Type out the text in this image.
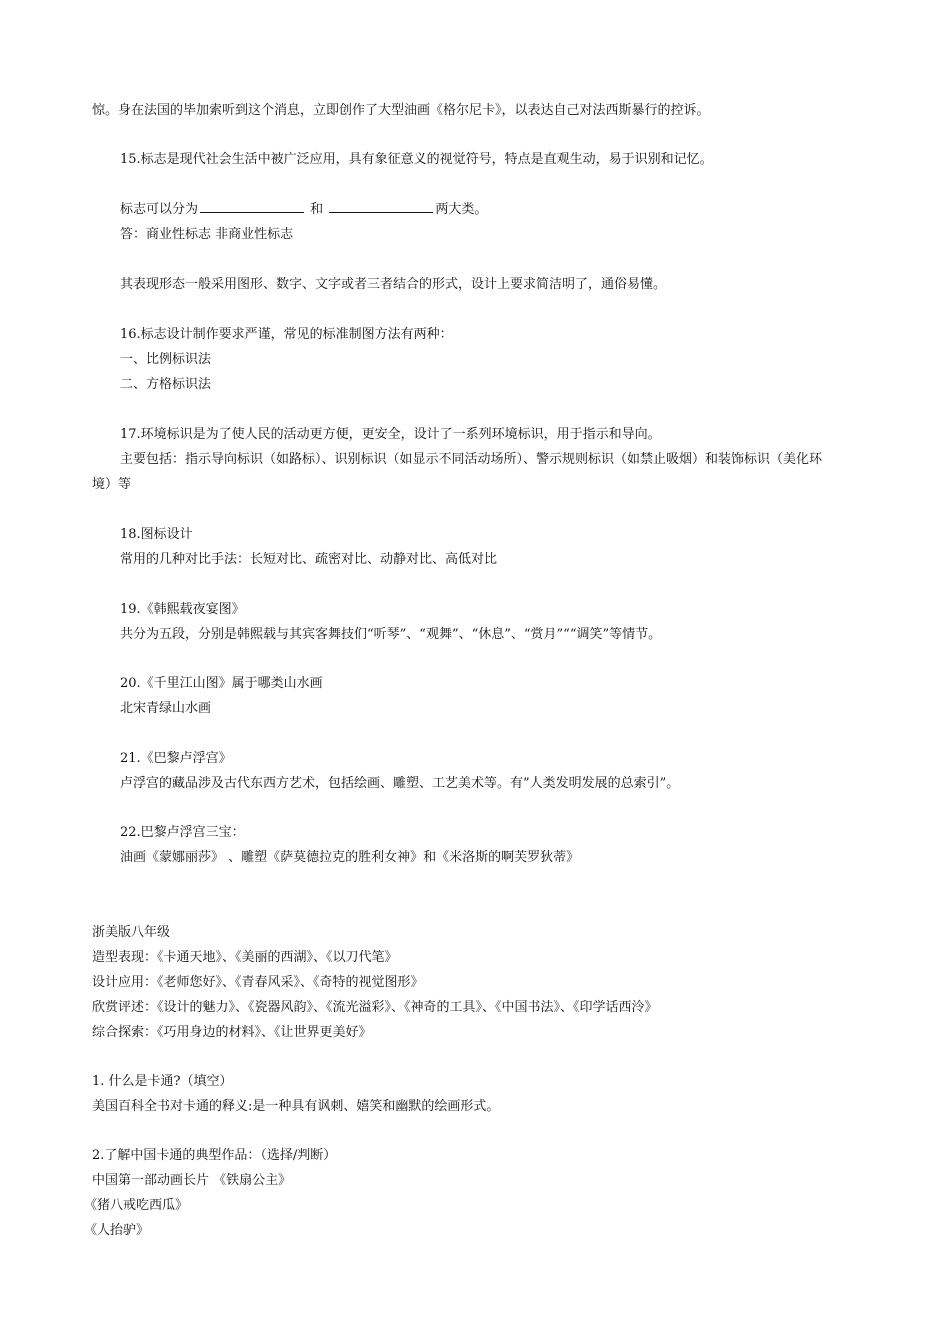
惊。身在法国的毕加索听到这个消息，立即创作了大型油画《格尔尼卡》，以表达自己对法西斯暴行的控诉。

15.标志是现代社会生活中被广泛应用，具有象征意义的视觉符号，特点是直观生动，易于识别和记忆。

标志可以分为	和	两大类。

答：商业性标志 非商业性标志

其表现形态一般采用图形、数字、文字或者三者结合的形式，设计上要求简洁明了，通俗易懂。

16.标志设计制作要求严谨，常见的标准制图方法有两种：

一、比例标识法

二、方格标识法

17.环境标识是为了使人民的活动更方便，更安全，设计了一系列环境标识，用于指示和导向。

主要包括：指示导向标识（如路标）、识别标识（如显示不同活动场所）、警示规则标识（如禁止吸烟）和装饰标识（美化环

境）等

18.图标设计

常用的几种对比手法：长短对比、疏密对比、动静对比、高低对比

19.《韩熙载夜宴图》

共分为五段，分别是韩熙载与其宾客舞技们“听琴”、“观舞”、“休息”、“赏月”““调笑”等情节。

20.《千里江山图》属于哪类山水画

北宋青绿山水画

21.《巴黎卢浮宫》

卢浮宫的藏品涉及古代东西方艺术，包括绘画、雕塑、工艺美术等。有”人类发明发展的总索引”。

22.巴黎卢浮宫三宝：

油画《蒙娜丽莎》 、雕塑《萨莫德拉克的胜利女神》和《米洛斯的啊芙罗狄蒂》

浙美版八年级

造型表现：《卡通天地》、《美丽的西湖》、《以刀代笔》

设计应用：《老师您好》、《青春风采》、《奇特的视觉图形》

欣赏评述：《设计的魅力》、《瓷器风韵》、《流光溢彩》、《神奇的工具》、《中国书法》、《印学话西泠》

综合探索：《巧用身边的材料》、《让世界更美好》

1. 什么是卡通?（填空）

美国百科全书对卡通的释义:是一种具有讽刺、嬉笑和幽默的绘画形式。

2.了解中国卡通的典型作品：（选择/判断）

中国第一部动画长片 《铁扇公主》

《猪八戒吃西瓜》

《人抬驴》
